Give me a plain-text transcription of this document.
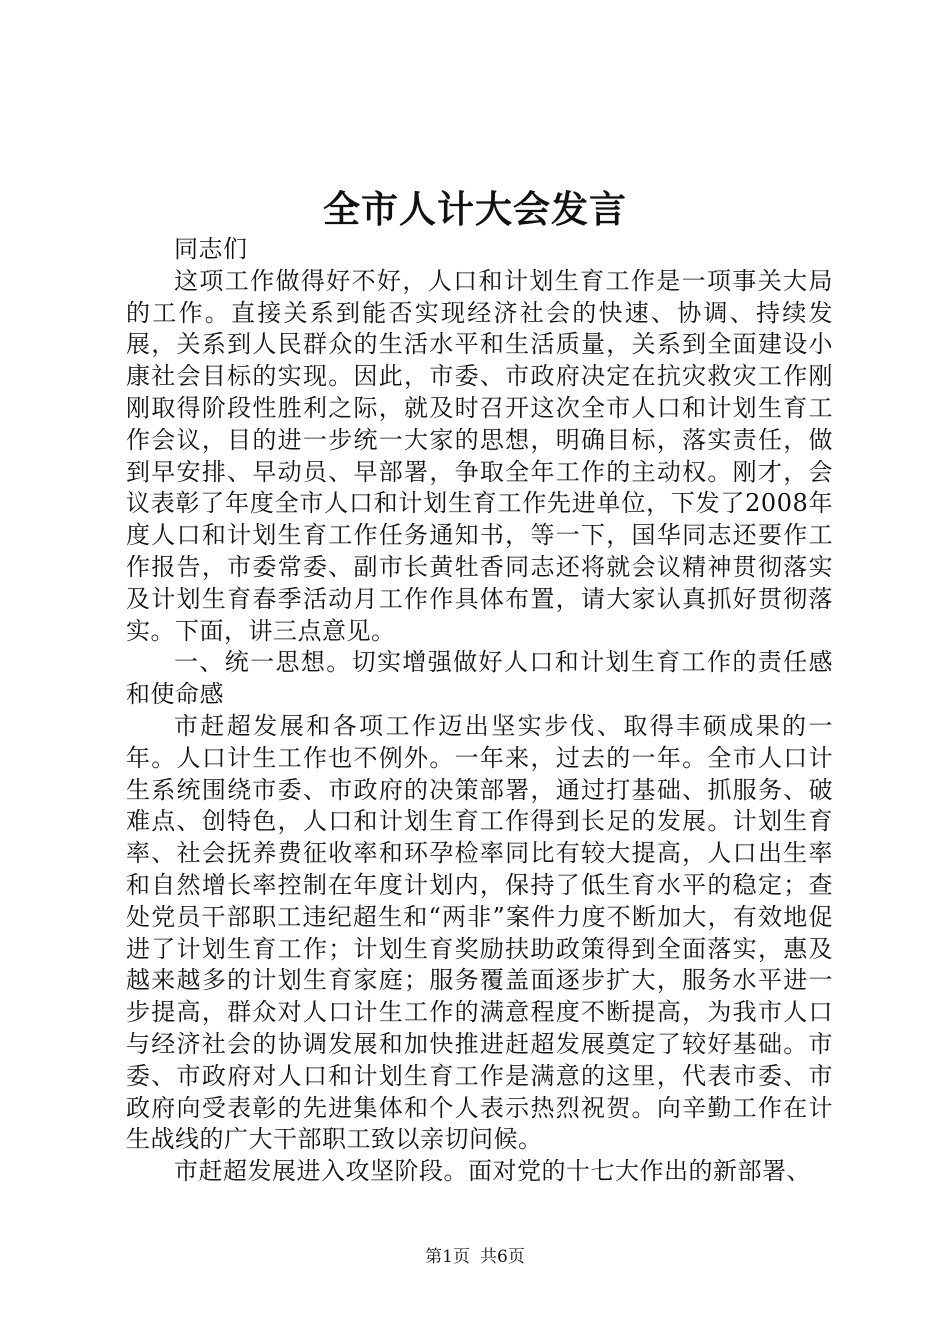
全市人计大会发言

同志们

这项工作做得好不好，人口和计划生育工作是一项事关大局的工作。直接关系到能否实现经济社会的快速、协调、持续发展，关系到人民群众的生活水平和生活质量，关系到全面建设小康社会目标的实现。因此，市委、市政府决定在抗灾救灾工作刚刚取得阶段性胜利之际，就及时召开这次全市人口和计划生育工作会议，目的进一步统一大家的思想，明确目标，落实责任，做到早安排、早动员、早部署，争取全年工作的主动权。刚才，会议表彰了年度全市人口和计划生育工作先进单位，下发了2008年度人口和计划生育工作任务通知书，等一下，国华同志还要作工作报告，市委常委、副市长黄牡香同志还将就会议精神贯彻落实及计划生育春季活动月工作作具体布置，请大家认真抓好贯彻落实。下面，讲三点意见。

一、统一思想。切实增强做好人口和计划生育工作的责任感和使命感

市赶超发展和各项工作迈出坚实步伐、取得丰硕成果的一年。人口计生工作也不例外。一年来，过去的一年。全市人口计生系统围绕市委、市政府的决策部署，通过打基础、抓服务、破难点、创特色，人口和计划生育工作得到长足的发展。计划生育率、社会抚养费征收率和环孕检率同比有较大提高，人口出生率和自然增长率控制在年度计划内，保持了低生育水平的稳定；查处党员干部职工违纪超生和“两非”案件力度不断加大，有效地促进了计划生育工作；计划生育奖励扶助政策得到全面落实，惠及越来越多的计划生育家庭；服务覆盖面逐步扩大，服务水平进一步提高，群众对人口计生工作的满意程度不断提高，为我市人口与经济社会的协调发展和加快推进赶超发展奠定了较好基础。市委、市政府对人口和计划生育工作是满意的这里，代表市委、市政府向受表彰的先进集体和个人表示热烈祝贺。向辛勤工作在计生战线的广大干部职工致以亲切问候。

市赶超发展进入攻坚阶段。面对党的十七大作出的新部署、

第1页 共6页
